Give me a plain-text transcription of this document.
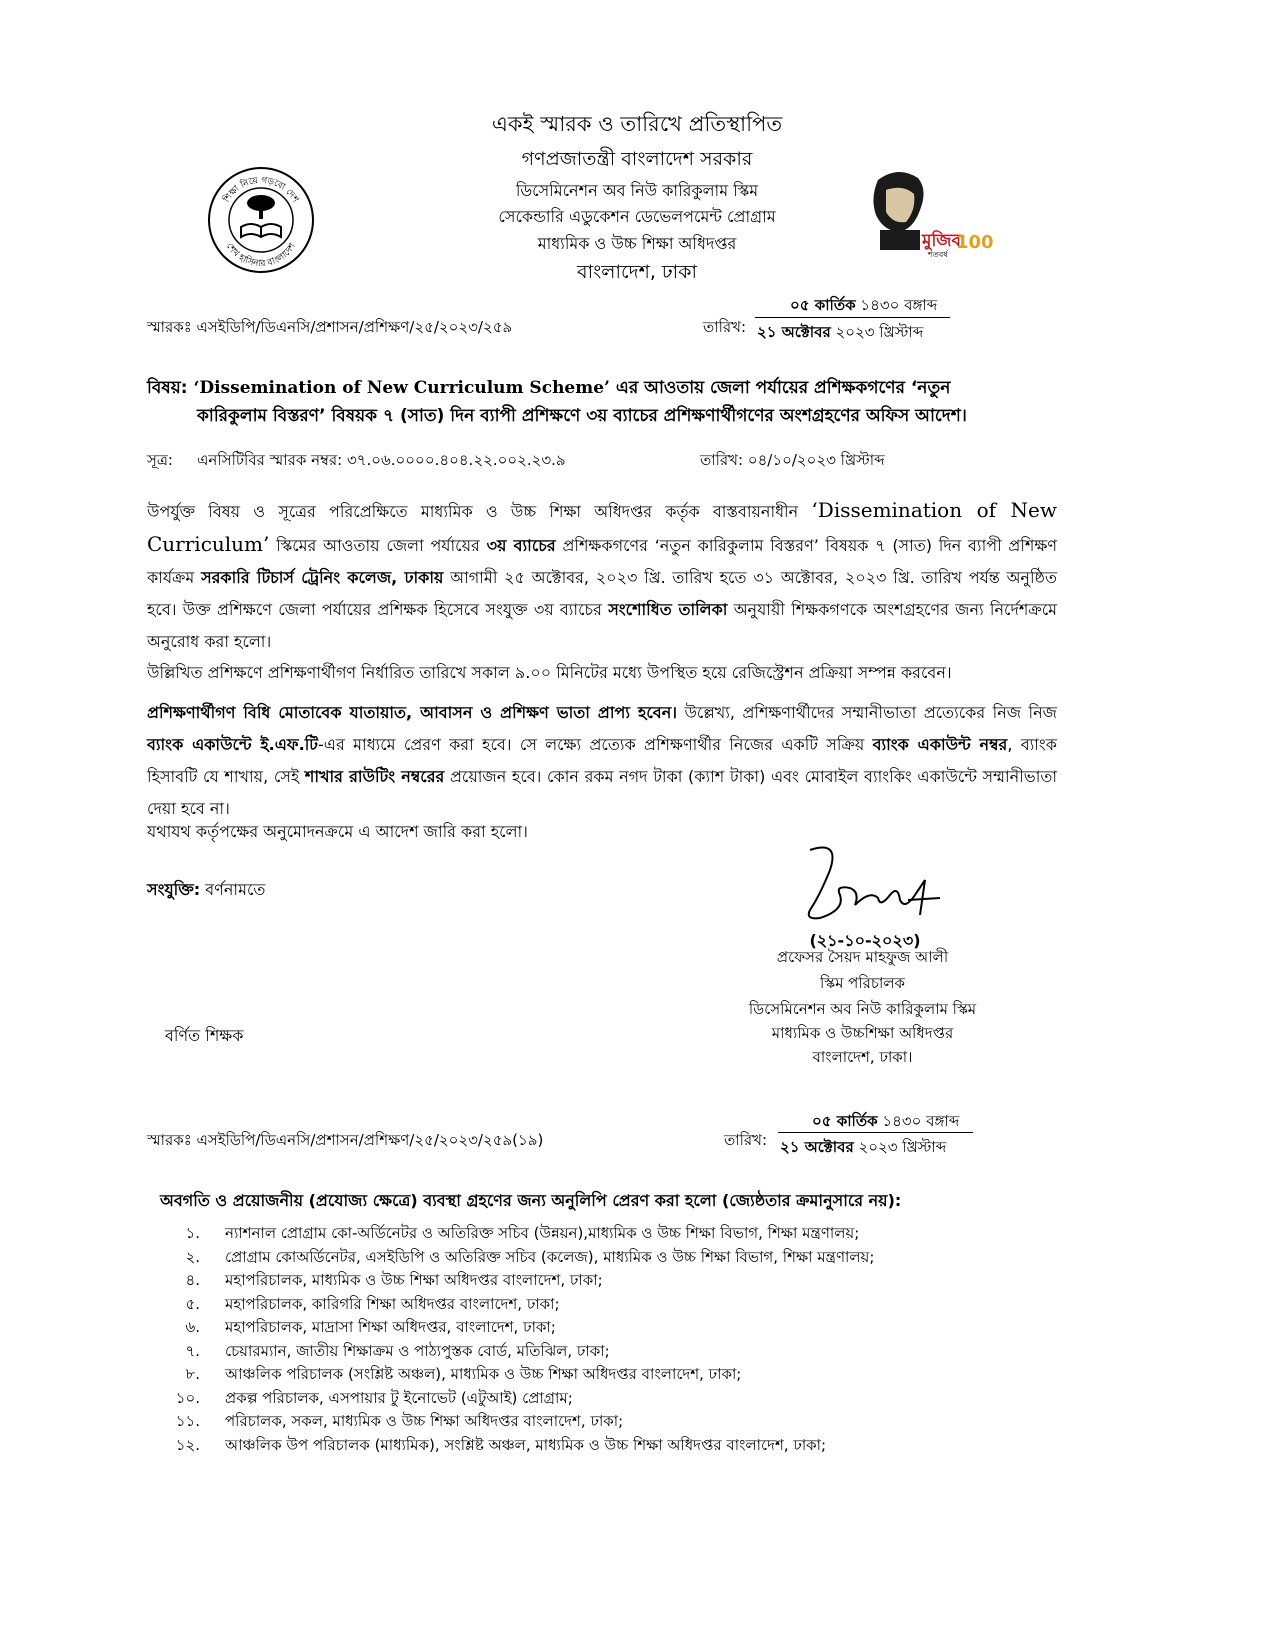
একই স্মারক ও তারিখে প্রতিস্থাপিত
গণপ্রজাতন্ত্রী বাংলাদেশ সরকার
ডিসেমিনেশন অব নিউ কারিকুলাম স্কিম
সেকেন্ডারি এডুকেশন ডেভেলপমেন্ট প্রোগ্রাম
মাধ্যমিক ও উচ্চ শিক্ষা অধিদপ্তর
বাংলাদেশ, ঢাকা
শিক্ষা নিয়ে গড়বো দেশ
শেখ হাসিনার বাংলাদেশ	মুজিব
শতবর্ষ
100
স্মারকঃ এসইডিপি/ডিএনসি/প্রশাসন/প্রশিক্ষণ/২৫/২০২৩/২৫৯	তারিখ:
০৫ কার্তিক ১৪৩০ বঙ্গাব্দ
২১ অক্টোবর ২০২৩ খ্রিস্টাব্দ
বিষয়: ‘Dissemination of New Curriculum Scheme’ এর আওতায় জেলা পর্যায়ের প্রশিক্ষকগণের ‘নতুন
কারিকুলাম বিস্তরণ’ বিষয়ক ৭ (সাত) দিন ব্যাপী প্রশিক্ষণে ৩য় ব্যাচের প্রশিক্ষণার্থীগণের অংশগ্রহণের অফিস আদেশ।
সূত্র: এনসিটিবির স্মারক নম্বর: ৩৭.০৬.০০০০.৪০৪.২২.০০২.২৩.৯	তারিখ: ০৪/১০/২০২৩ খ্রিস্টাব্দ
উপর্যুক্ত বিষয় ও সূত্রের পরিপ্রেক্ষিতে মাধ্যমিক ও উচ্চ শিক্ষা অধিদপ্তর কর্তৃক বাস্তবায়নাধীন ‘Dissemination of New Curriculum’ স্কিমের আওতায় জেলা পর্যায়ের ৩য় ব্যাচের প্রশিক্ষকগণের ‘নতুন কারিকুলাম বিস্তরণ’ বিষয়ক ৭ (সাত) দিন ব্যাপী প্রশিক্ষণ কার্যক্রম সরকারি টিচার্স ট্রেনিং কলেজ, ঢাকায় আগামী ২৫ অক্টোবর, ২০২৩ খ্রি. তারিখ হতে ৩১ অক্টোবর, ২০২৩ খ্রি. তারিখ পর্যন্ত অনুষ্ঠিত হবে। উক্ত প্রশিক্ষণে জেলা পর্যায়ের প্রশিক্ষক হিসেবে সংযুক্ত ৩য় ব্যাচের সংশোধিত তালিকা অনুযায়ী শিক্ষকগণকে অংশগ্রহণের জন্য নির্দেশক্রমে অনুরোধ করা হলো।
উল্লিখিত প্রশিক্ষণে প্রশিক্ষণার্থীগণ নির্ধারিত তারিখে সকাল ৯.০০ মিনিটের মধ্যে উপস্থিত হয়ে রেজিস্ট্রেশন প্রক্রিয়া সম্পন্ন করবেন।
প্রশিক্ষণার্থীগণ বিধি মোতাবেক যাতায়াত, আবাসন ও প্রশিক্ষণ ভাতা প্রাপ্য হবেন। উল্লেখ্য, প্রশিক্ষণার্থীদের সম্মানীভাতা প্রত্যেকের নিজ নিজ ব্যাংক একাউন্টে ই.এফ.টি-এর মাধ্যমে প্রেরণ করা হবে। সে লক্ষ্যে প্রত্যেক প্রশিক্ষণার্থীর নিজের একটি সক্রিয় ব্যাংক একাউন্ট নম্বর, ব্যাংক হিসাবটি যে শাখায়, সেই শাখার রাউটিং নম্বরের প্রয়োজন হবে। কোন রকম নগদ টাকা (ক্যাশ টাকা) এবং মোবাইল ব্যাংকিং একাউন্টে সম্মানীভাতা দেয়া হবে না।
যথাযথ কর্তৃপক্ষের অনুমোদনক্রমে এ আদেশ জারি করা হলো।
সংযুক্তি: বর্ণনামতে
(২১-১০-২০২৩)
প্রফেসর সৈয়দ মাহফুজ আলী
স্কিম পরিচালক
ডিসেমিনেশন অব নিউ কারিকুলাম স্কিম
মাধ্যমিক ও উচ্চশিক্ষা অধিদপ্তর
বাংলাদেশ, ঢাকা।
বর্ণিত শিক্ষক
স্মারকঃ এসইডিপি/ডিএনসি/প্রশাসন/প্রশিক্ষণ/২৫/২০২৩/২৫৯(১৯)	তারিখ:
০৫ কার্তিক ১৪৩০ বঙ্গাব্দ
২১ অক্টোবর ২০২৩ খ্রিস্টাব্দ
অবগতি ও প্রয়োজনীয় (প্রযোজ্য ক্ষেত্রে) ব্যবস্থা গ্রহণের জন্য অনুলিপি প্রেরণ করা হলো (জ্যেষ্ঠতার ক্রমানুসারে নয়):
১. ন্যাশনাল প্রোগ্রাম কো-অর্ডিনেটর ও অতিরিক্ত সচিব (উন্নয়ন),মাধ্যমিক ও উচ্চ শিক্ষা বিভাগ, শিক্ষা মন্ত্রণালয়;
২. প্রোগ্রাম কোঅর্ডিনেটর, এসইডিপি ও অতিরিক্ত সচিব (কলেজ), মাধ্যমিক ও উচ্চ শিক্ষা বিভাগ, শিক্ষা মন্ত্রণালয়;
৪. মহাপরিচালক, মাধ্যমিক ও উচ্চ শিক্ষা অধিদপ্তর বাংলাদেশ, ঢাকা;
৫. মহাপরিচালক, কারিগরি শিক্ষা অধিদপ্তর বাংলাদেশ, ঢাকা;
৬. মহাপরিচালক, মাদ্রাসা শিক্ষা অধিদপ্তর, বাংলাদেশ, ঢাকা;
৭. চেয়ারম্যান, জাতীয় শিক্ষাক্রম ও পাঠ্যপুস্তক বোর্ড, মতিঝিল, ঢাকা;
৮. আঞ্চলিক পরিচালক (সংশ্লিষ্ট অঞ্চল), মাধ্যমিক ও উচ্চ শিক্ষা অধিদপ্তর বাংলাদেশ, ঢাকা;
১০. প্রকল্প পরিচালক, এসপায়ার টু ইনোভেট (এটুআই) প্রোগ্রাম;
১১. পরিচালক, সকল, মাধ্যমিক ও উচ্চ শিক্ষা অধিদপ্তর বাংলাদেশ, ঢাকা;
১২. আঞ্চলিক উপ পরিচালক (মাধ্যমিক), সংশ্লিষ্ট অঞ্চল, মাধ্যমিক ও উচ্চ শিক্ষা অধিদপ্তর বাংলাদেশ, ঢাকা;
